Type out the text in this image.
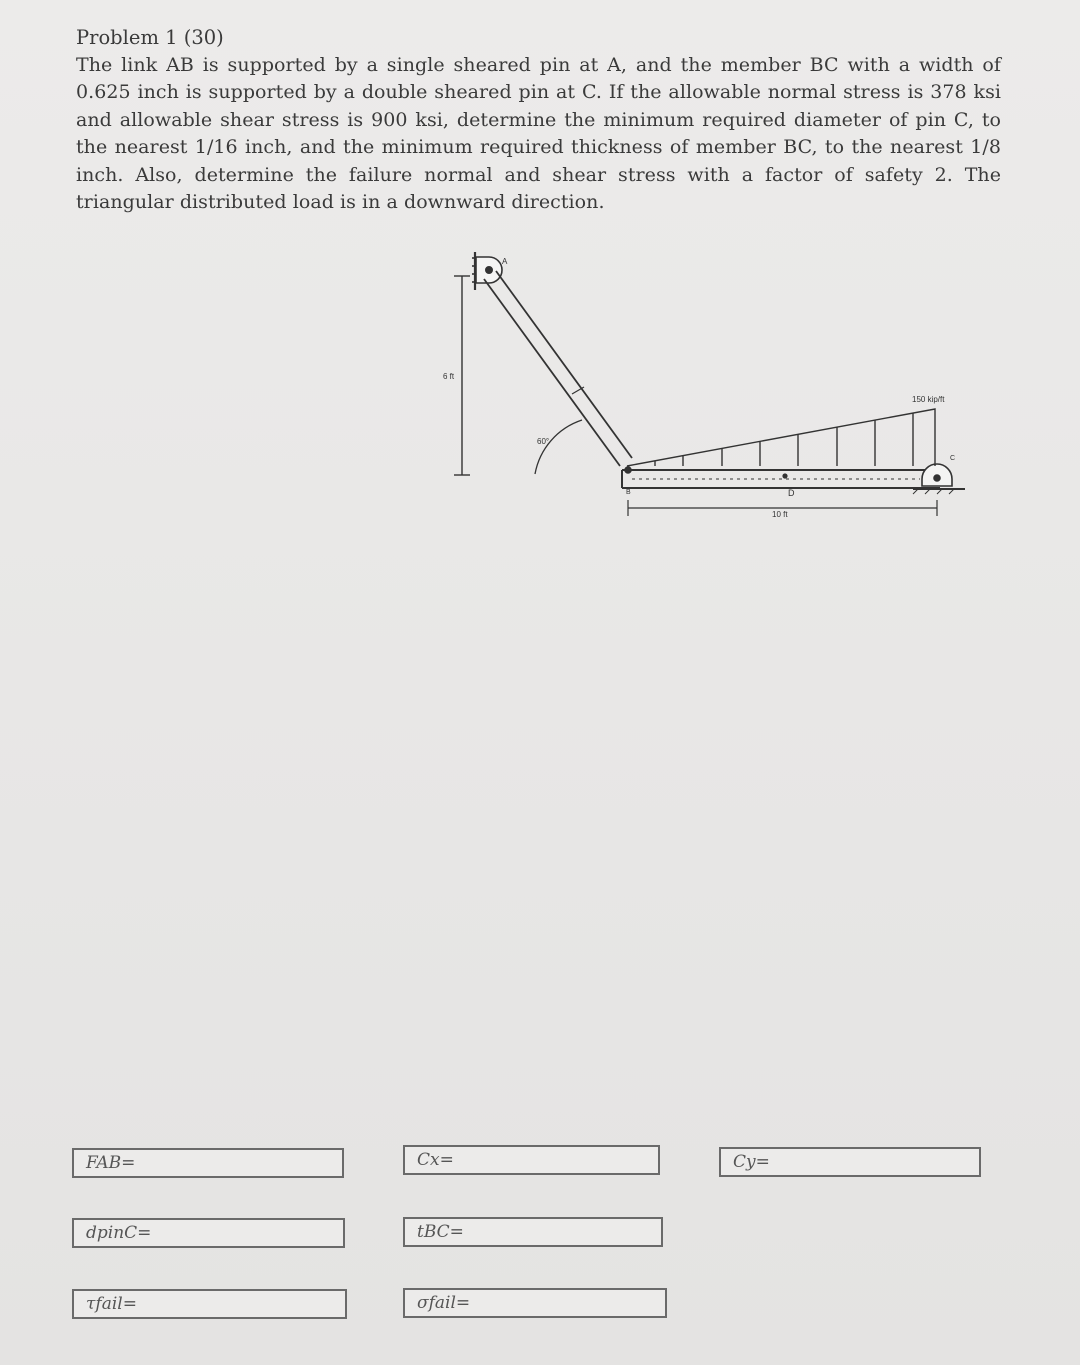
Problem 1 (30)
The link AB is supported by a single sheared pin at A, and the member BC with a width of 0.625 inch is supported by a double sheared pin at C. If the allowable normal stress is 378 ksi and allowable shear stress is 900 ksi, determine the minimum required diameter of pin C, to the nearest 1/16 inch, and the minimum required thickness of member BC, to the nearest 1/8 inch. Also, determine the failure normal and shear stress with a factor of safety 2. The triangular distributed load is in a downward direction.
A
B
C
D
6 ft
60°
10 ft
150 kip/ft
FAB=	Cx=	Cy=
dpinC=	tBC=
τfail=	σfail=
